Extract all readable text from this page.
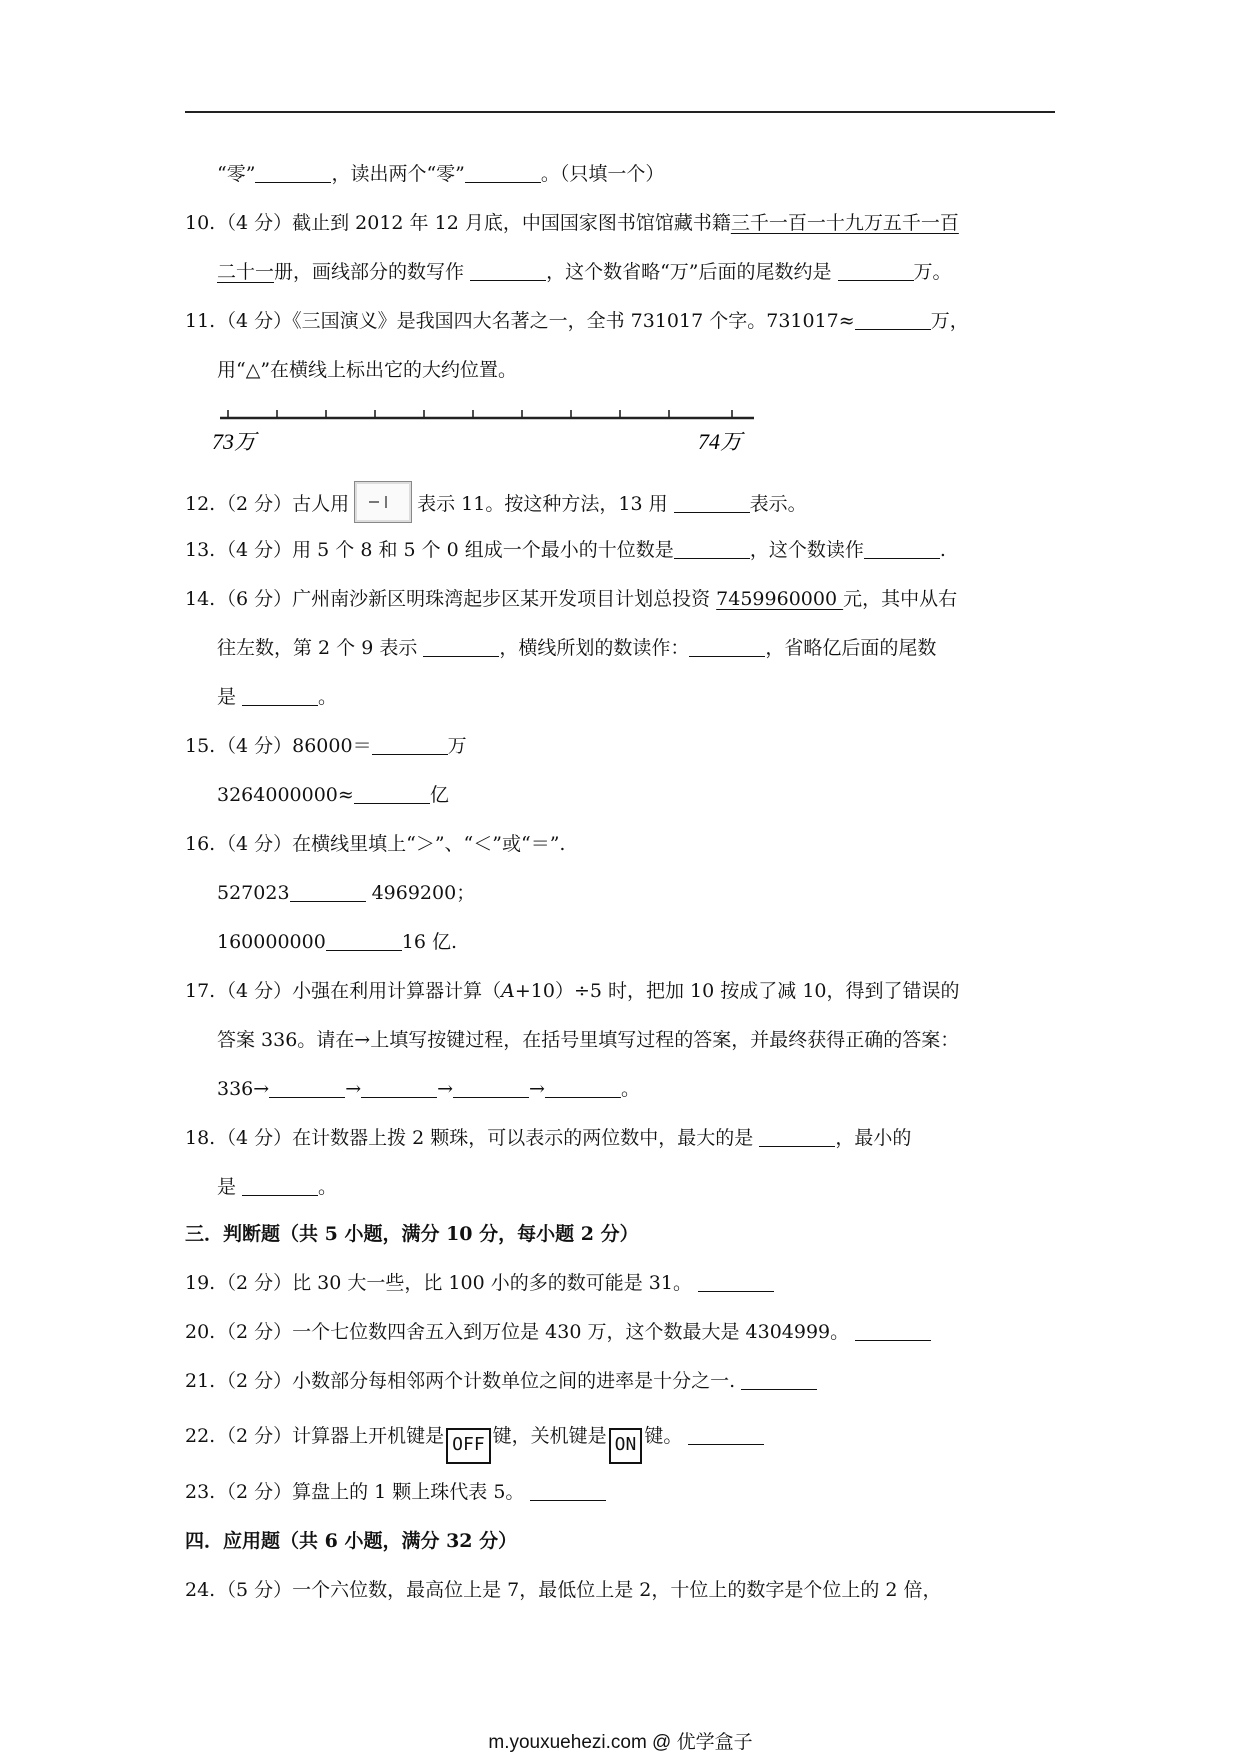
“零”	，读出两个“零”	。（只填一个）
10.（4 分）截止到 2012 年 12 月底，中国国家图书馆馆藏书籍三千一百一十九万五千一百
二十一册，画线部分的数写作	，这个数省略“万”后面的尾数约是	万。
11.（4 分）《三国演义》是我国四大名著之一，全书 731017 个字。731017≈	万，
用“△”在横线上标出它的大约位置。
73万	74万
12.（2 分）古人用	表示 11。按这种方法，13 用	表示。
13.（4 分）用 5 个 8 和 5 个 0 组成一个最小的十位数是	，这个数读作	.
14.（6 分）广州南沙新区明珠湾起步区某开发项目计划总投资 7459960000 元，其中从右
往左数，第 2 个 9 表示	，横线所划的数读作：	，省略亿后面的尾数
是	。
15.（4 分）86000＝	万
3264000000≈	亿
16.（4 分）在横线里填上“＞”、“＜”或“＝”.
527023	4969200；
160000000	16 亿.
17.（4 分）小强在利用计算器计算（A+10）÷5 时，把加 10 按成了减 10，得到了错误的
答案 336。请在→上填写按键过程，在括号里填写过程的答案，并最终获得正确的答案：
336→	→	→	→	。
18.（4 分）在计数器上拨 2 颗珠，可以表示的两位数中，最大的是	，最小的
是	。
三．判断题（共 5 小题，满分 10 分，每小题 2 分）
19.（2 分）比 30 大一些，比 100 小的多的数可能是 31。
20.（2 分）一个七位数四舍五入到万位是 430 万，这个数最大是 4304999。
21.（2 分）小数部分每相邻两个计数单位之间的进率是十分之一.
22.（2 分）计算器上开机键是 OFF 键，关机键是 ON 键。
23.（2 分）算盘上的 1 颗上珠代表 5。
四．应用题（共 6 小题，满分 32 分）
24.（5 分）一个六位数，最高位上是 7，最低位上是 2，十位上的数字是个位上的 2 倍，
m.youxuehezi.com @ 优学盒子
